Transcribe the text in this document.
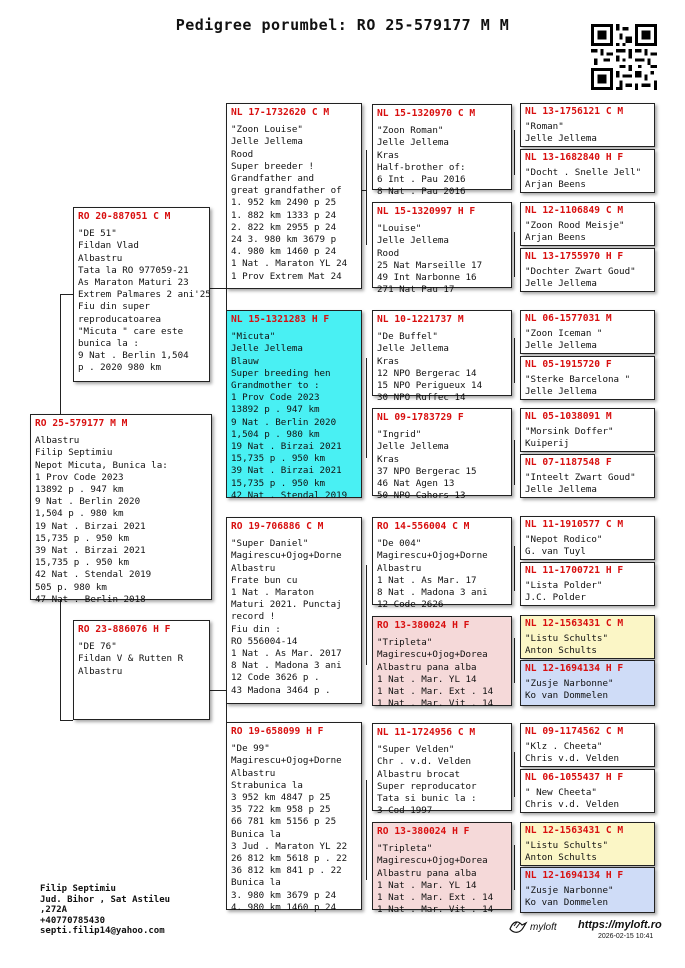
Pedigree porumbel: RO 25-579177 M M
RO 25-579177 M M
Albastru
Filip Septimiu
Nepot Micuta, Bunica la:
1 Prov Code 2023
13892 p . 947 km
9 Nat . Berlin 2020
1,504 p . 980 km
19 Nat . Birzai 2021
15,735 p . 950 km
39 Nat . Birzai 2021
15,735 p . 950 km
42 Nat . Stendal 2019
505 p. 980 km
47 Nat . Berlin 2018
RO 20-887051 C M
"DE 51"
Fildan Vlad
Albastru
Tata la RO 977059-21
As Maraton Maturi 23
Extrem Palmares 2 ani'25
Fiu din super
reproducatoarea
"Micuta " care este
bunica la :
9 Nat . Berlin 1,504
p . 2020 980 km
RO 23-886076 H F
"DE 76"
Fildan V & Rutten R
Albastru
NL 17-1732620 C M
"Zoon Louise"
Jelle Jellema
Rood
Super breeder !
Grandfather and
great grandfather of
1. 952 km 2490 p 25
1. 882 km 1333 p 24
2. 822 km 2955 p 24
24 3. 980 km 3679 p
4. 980 km 1460 p 24
1 Nat . Maraton YL 24
1 Prov Extrem Mat 24
NL 15-1321283 H F
"Micuta"
Jelle Jellema
Blauw
Super breeding hen
Grandmother to :
1 Prov Code 2023
13892 p . 947 km
9 Nat . Berlin 2020
1,504 p . 980 km
19 Nat . Birzai 2021
15,735 p . 950 km
39 Nat . Birzai 2021
15,735 p . 950 km
42 Nat . Stendal 2019
RO 19-706886 C M
"Super Daniel"
Magirescu+Ojog+Dorne
Albastru
Frate bun cu
1 Nat . Maraton
Maturi 2021. Punctaj
record !
Fiu din :
RO 556004-14
1 Nat . As Mar. 2017
8 Nat . Madona 3 ani
12 Code 3626 p .
43 Madona 3464 p .
RO 19-658099 H F
"De 99"
Magirescu+Ojog+Dorne
Albastru
Strabunica la
3 952 km 4847 p 25
35 722 km 958 p 25
66 781 km 5156 p 25
Bunica la
3 Jud . Maraton YL 22
26 812 km 5618 p . 22
36 812 km 841 p . 22
Bunica la
3. 980 km 3679 p 24
4. 980 km 1460 p 24
NL 15-1320970 C M
"Zoon Roman"
Jelle Jellema
Kras
Half-brother of:
6 Int . Pau 2016
8 Nat . Pau 2016
NL 15-1320997 H F
"Louise"
Jelle Jellema
Rood
25 Nat Marseille 17
49 Int Narbonne 16
271 Nat Pau 17
NL 10-1221737 M
"De Buffel"
Jelle Jellema
Kras
12 NPO Bergerac 14
15 NPO Perigueux 14
30 NPO Ruffec 14
NL 09-1783729 F
"Ingrid"
Jelle Jellema
Kras
37 NPO Bergerac 15
46 Nat Agen 13
50 NPO Cahors 13
RO 14-556004 C M
"De 004"
Magirescu+Ojog+Dorne
Albastru
1 Nat . As Mar. 17
8 Nat . Madona 3 ani
12 Code 2626
RO 13-380024 H F
"Tripleta"
Magirescu+Ojog+Dorea
Albastru pana alba
1 Nat . Mar. YL 14
1 Nat . Mar. Ext . 14
1 Nat . Mar. Vit . 14
NL 11-1724956 C M
"Super Velden"
Chr . v.d. Velden
Albastru brocat
Super reproducator
Tata si bunic la :
3 Cod 1997
RO 13-380024 H F
"Tripleta"
Magirescu+Ojog+Dorea
Albastru pana alba
1 Nat . Mar. YL 14
1 Nat . Mar. Ext . 14
1 Nat . Mar. Vit . 14
NL 13-1756121 C M
"Roman"
Jelle Jellema
NL 13-1682840 H F
"Docht . Snelle Jell"
Arjan Beens
NL 12-1106849 C M
"Zoon Rood Meisje"
Arjan Beens
NL 13-1755970 H F
"Dochter Zwart Goud"
Jelle Jellema
NL 06-1577031 M
"Zoon Iceman "
Jelle Jellema
NL 05-1915720 F
"Sterke Barcelona "
Jelle Jellema
NL 05-1038091 M
"Morsink Doffer"
Kuiperij
NL 07-1187548 F
"Inteelt Zwart Goud"
Jelle Jellema
NL 11-1910577 C M
"Nepot Rodico"
G. van Tuyl
NL 11-1700721 H F
"Lista Polder"
J.C. Polder
NL 12-1563431 C M
"Listu Schults"
Anton Schults
NL 12-1694134 H F
"Zusje Narbonne"
Ko van Dommelen
NL 09-1174562 C M
"Klz . Cheeta"
Chris v.d. Velden
NL 06-1055437 H F
" New Cheeta"
Chris v.d. Velden
NL 12-1563431 C M
"Listu Schults"
Anton Schults
NL 12-1694134 H F
"Zusje Narbonne"
Ko van Dommelen
Filip Septimiu
Jud. Bihor , Sat Astileu
,272A
+40770785430
septi.filip14@yahoo.com	myloft https://myloft.ro
2026-02-15 10:41
